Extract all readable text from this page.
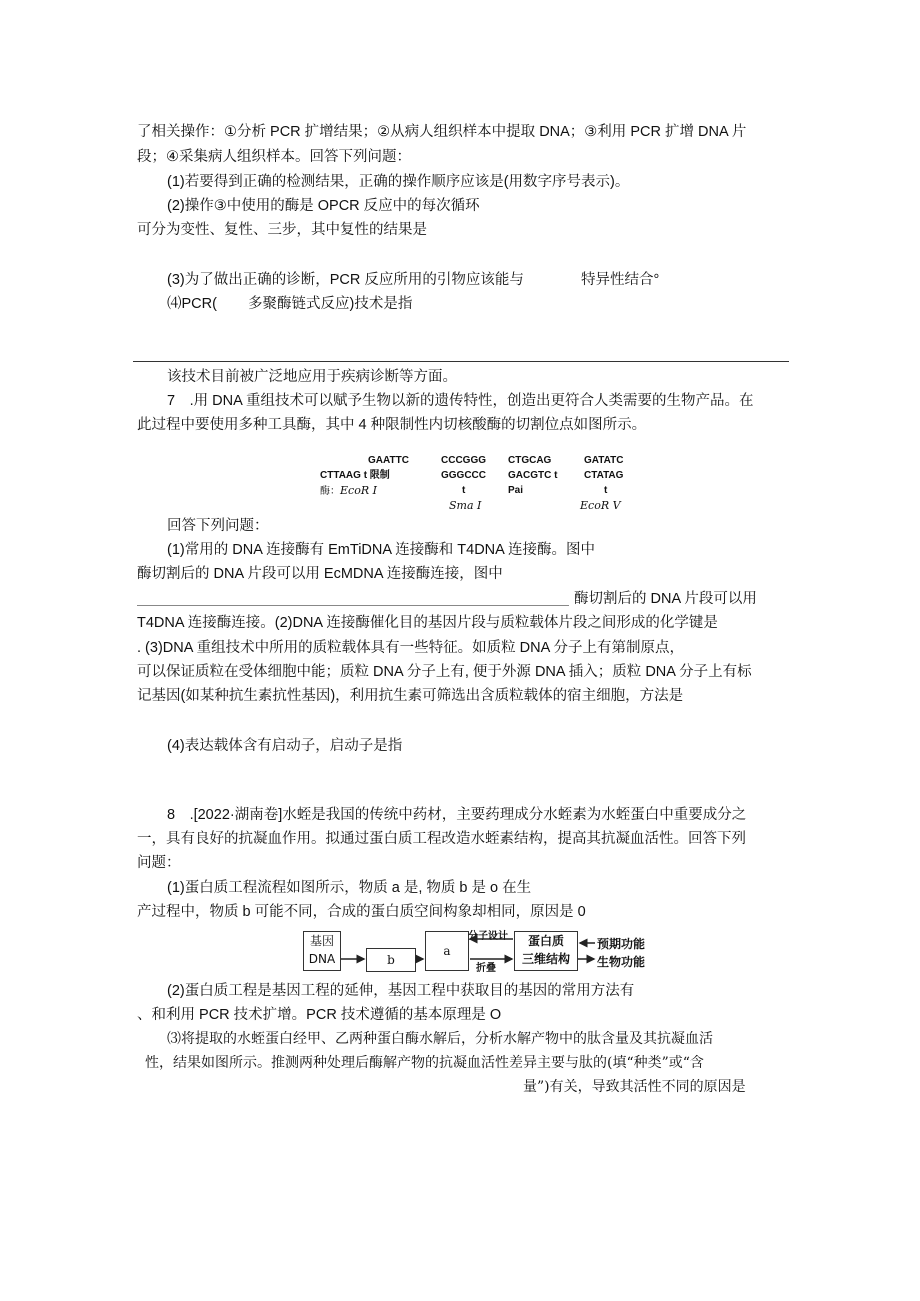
了相关操作：①分析 PCR 扩增结果；②从病人组织样本中提取 DNA；③利用 PCR 扩增 DNA 片
段；④采集病人组织样本。回答下列问题：
(1)若要得到正确的检测结果，正确的操作顺序应该是(用数字序号表示)。
(2)操作③中使用的酶是 OPCR 反应中的每次循环
可分为变性、复性、三步，其中复性的结果是
(3)为了做出正确的诊断，PCR 反应所用的引物应该能与	特异性结合°
⑷PCR( 多聚酶链式反应)技术是指
该技术目前被广泛地应用于疾病诊断等方面。
7　.用 DNA 重组技术可以赋予生物以新的遗传特性，创造出更符合人类需要的生物产品。在
此过程中要使用多种工具酶，其中 4 种限制性内切核酸酶的切割位点如图所示。
GAATTC
CTTAAG t 限制
酶：EcoR Ⅰ
CCCGGG
GGGCCC
t
Sma Ⅰ
CTGCAG
GACGTC t
Pai
GATATC
CTATAG
t
EcoR Ⅴ
回答下列问题：
(1)常用的 DNA 连接酶有 EmTiDNA 连接酶和 T4DNA 连接酶。图中
酶切割后的 DNA 片段可以用 EcMDNA 连接酶连接，图中
酶切割后的 DNA 片段可以用
T4DNA 连接酶连接。(2)DNA 连接酶催化目的基因片段与质粒载体片段之间形成的化学键是
. (3)DNA 重组技术中所用的质粒载体具有一些特征。如质粒 DNA 分子上有第制原点，
可以保证质粒在受体细胞中能；质粒 DNA 分子上有, 便于外源 DNA 插入；质粒 DNA 分子上有标
记基因(如某种抗生素抗性基因)，利用抗生素可筛选出含质粒载体的宿主细胞，方法是
(4)表达载体含有启动子，启动子是指
8　.[2022·湖南卷]水蛭是我国的传统中药材，主要药理成分水蛭素为水蛭蛋白中重要成分之
一，具有良好的抗凝血作用。拟通过蛋白质工程改造水蛭素结构，提高其抗凝血活性。回答下列
问题：
(1)蛋白质工程流程如图所示，物质 a 是, 物质 b 是 o 在生
产过程中，物质 b 可能不同，合成的蛋白质空间构象却相同，原因是 0
基因
DNA	b
a
蛋白质
三维结构
分子设计
折叠
预期功能
生物功能
(2)蛋白质工程是基因工程的延伸，基因工程中获取目的基因的常用方法有
、和利用 PCR 技术扩增。PCR 技术遵循的基本原理是 O
⑶将提取的水蛭蛋白经甲、乙两种蛋白酶水解后，分析水解产物中的肽含量及其抗凝血活
性，结果如图所示。推测两种处理后酶解产物的抗凝血活性差异主要与肽的(填“种类”或“含
量”)有关，导致其活性不同的原因是
